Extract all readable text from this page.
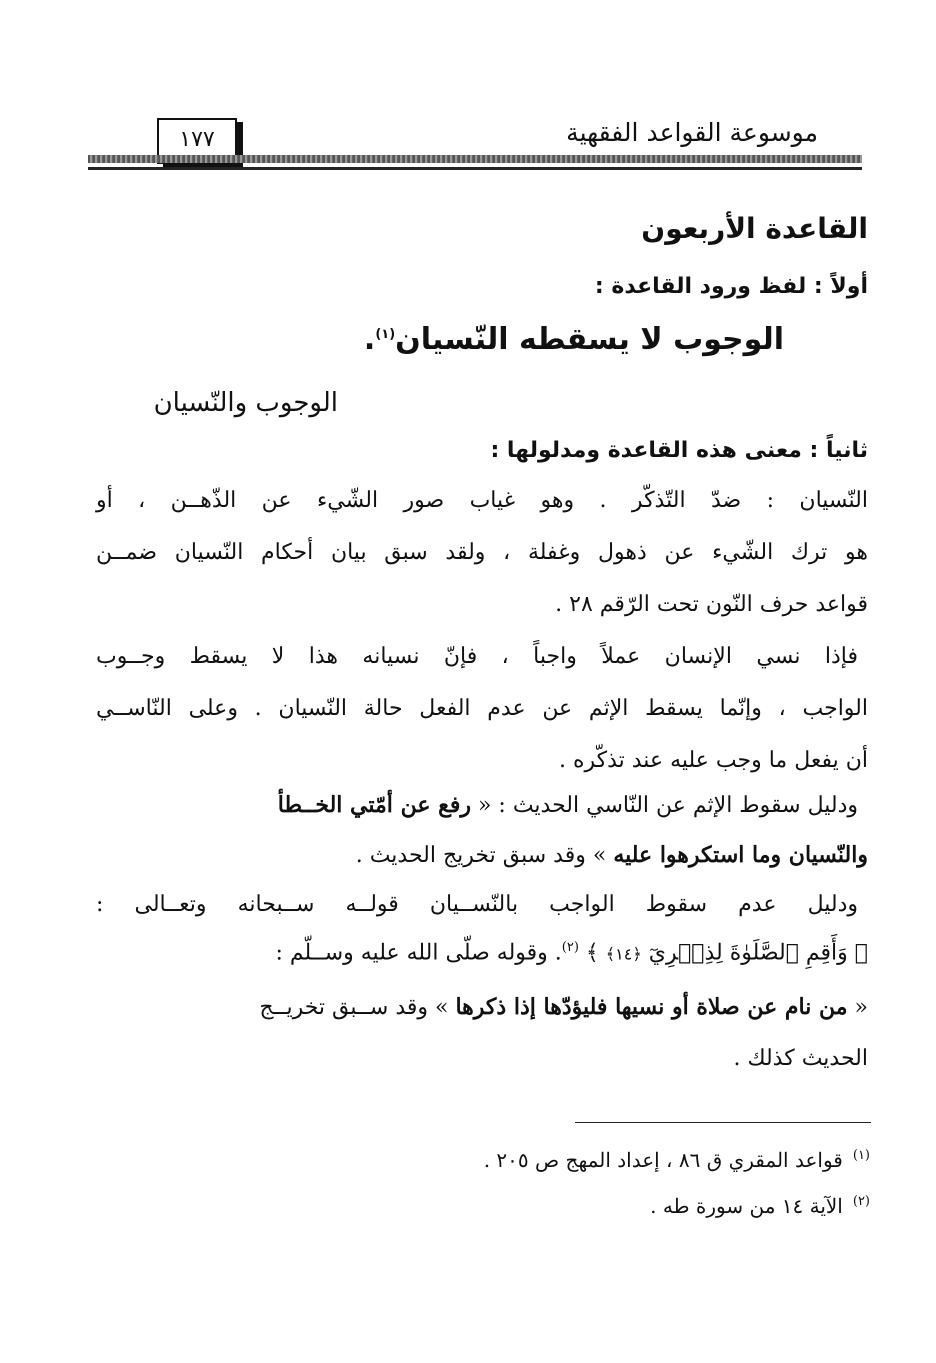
موسوعة القواعد الفقهية
١٧٧
القاعدة الأربعون
أولاً : لفظ ورود القاعدة :
الوجوب لا يسقطه النّسيان$^{(١)}$.
الوجوب والنّسيان
ثانياً : معنى هذه القاعدة ومدلولها :
النّسيان : ضدّ التّذكّر . وهو غياب صور الشّيء عن الذّهــن ، أو
هو ترك الشّيء عن ذهول وغفلة ، ولقد سبق بيان أحكام النّسيان ضمــن
قواعد حرف النّون تحت الرّقم ٢٨ .
فإذا نسي الإنسان عملاً واجباً ، فإنّ نسيانه هذا لا يسقط وجــوب
الواجب ، وإنّما يسقط الإثم عن عدم الفعل حالة النّسيان . وعلى النّاســي
أن يفعل ما وجب عليه عند تذكّره .
ودليل سقوط الإثم عن النّاسي الحديث : « رفع عن أمّتي الخــطأ
والنّسيان وما استكرهوا عليه » وقد سبق تخريج الحديث .
ودليل عدم سقوط الواجب بالنّســيان قولــه ســبحانه وتعــالى :
﴿ وَأَقِمِ ٱلصَّلَوٰةَ لِذِكۡرِيٓ ﴿١٤﴾ ﴾ $^{(٢)}$. وقوله صلّى الله عليه وســلّم :
« من نام عن صلاة أو نسيها فليؤدّها إذا ذكرها » وقد ســبق تخريــج
الحديث كذلك .
$^{(١)}$قواعد المقري ق ٨٦ ، إعداد المهج ص ٢٠٥ .
$^{(٢)}$الآية ١٤ من سورة طه .
